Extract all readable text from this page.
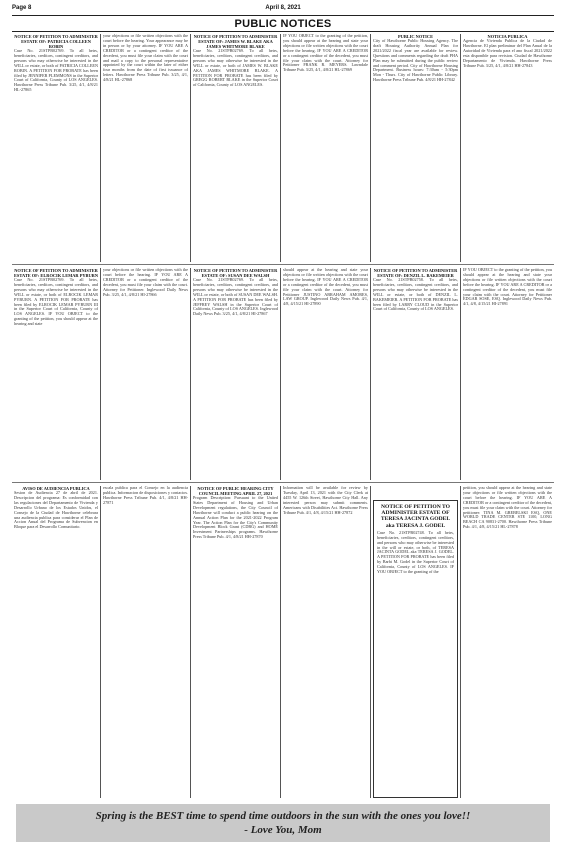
Page 8	April 8, 2021
PUBLIC NOTICES
NOTICE OF PETITION TO ADMINISTER ESTATE OF: PATRICIA COLLEEN ROBIN
Case No. 21STPB02769. To all heirs, beneficiaries, creditors, contingent creditors, and persons who may otherwise be interested in the WILL or estate, or both of PATRICIA COLLEEN ROBIN. A PETITION FOR PROBATE has been filed by JENNIFER PLEMMONS in the Superior Court of California, County of LOS ANGELES. Hawthorne Press Tribune Pub. 3/25, 4/1, 4/8/21 HL-27865
your objections or file written objections with the court before the hearing. Your appearance may be in person or by your attorney. IF YOU ARE A CREDITOR or a contingent creditor of the decedent, you must file your claim with the court and mail a copy to the personal representative appointed by the court within the later of either four months from the date of first issuance of letters. Hawthorne Press Tribune Pub. 3/25, 4/1, 4/8/21 HL-27868
NOTICE OF PETITION TO ADMINISTER ESTATE OF: JAMES W. BLAKE AKA JAMES WHITMORE BLAKE
Case No. 21STPB02769. To all heirs, beneficiaries, creditors, contingent creditors, and persons who may otherwise be interested in the WILL or estate, or both of JAMES W. BLAKE AKA JAMES WHITMORE BLAKE. A PETITION FOR PROBATE has been filed by GREGG ROBERT BLAKE in the Superior Court of California, County of LOS ANGELES.
IF YOU OBJECT to the granting of the petition, you should appear at the hearing and state your objections or file written objections with the court before the hearing. IF YOU ARE A CREDITOR or a contingent creditor of the decedent, you must file your claim with the court. Attorney for Petitioner FRANK R. MEYERS. Lawndale Tribune Pub. 3/25, 4/1, 4/8/21 HL-27869
PUBLIC NOTICE
City of Hawthorne Public Housing Agency. The draft Housing Authority Annual Plan for 2021/2022 fiscal year are available for review. Questions and comments regarding the draft PHA Plan may be submitted during the public review and comment period. City of Hawthorne Housing Department. Business hours: 7:30am - 5:30pm Mon - Thurs. City of Hawthorne Public Library. Hawthorne Press Tribune Pub. 4/8/21 HH-27842
NOTICIA PUBLICA
Agencia de Vivienda Publica de la Ciudad de Hawthorne. El plan preliminar del Plan Anual de la Autoridad de Vivienda para el ano fiscal 2021/2022 esta disponible para revision. Ciudad de Hawthorne Departamento de Vivienda. Hawthorne Press Tribune Pub. 3/25, 4/1, 4/8/21 HH-27843
NOTICE OF PETITION TO ADMINISTER ESTATE OF: ELROCIK LEMAR PYBURN
Case No. 21STPB02769. To all heirs, beneficiaries, creditors, contingent creditors, and persons who may otherwise be interested in the WILL or estate, or both of ELROCIK LEMAR PYBURN. A PETITION FOR PROBATE has been filed by ELROCIK LEMAR PYBURN III in the Superior Court of California, County of LOS ANGELES. IF YOU OBJECT to the granting of the petition, you should appear at the hearing and state
your objections or file written objections with the court before the hearing. IF YOU ARE A CREDITOR or a contingent creditor of the decedent, you must file your claim with the court. Attorney for Petitioner. Inglewood Daily News Pub. 3/25, 4/1, 4/8/21 HI-27866
NOTICE OF PETITION TO ADMINISTER ESTATE OF: SUSAN DEE WALSH
Case No. 21STPB02769. To all heirs, beneficiaries, creditors, contingent creditors, and persons who may otherwise be interested in the WILL or estate, or both of SUSAN DEE WALSH. A PETITION FOR PROBATE has been filed by JEFFREY WALSH in the Superior Court of California, County of LOS ANGELES. Inglewood Daily News Pub. 3/25, 4/1, 4/8/21 HI-27867
should appear at the hearing and state your objections or file written objections with the court before the hearing. IF YOU ARE A CREDITOR or a contingent creditor of the decedent, you must file your claim with the court. Attorney for Petitioner JUSTINO ABRAHAM AMORES, LAW GROUP. Inglewood Daily News Pub. 4/1, 4/8, 4/15/21 HI-27890
NOTICE OF PETITION TO ADMINISTER ESTATE OF: DENZIL L. BAKEMEIER
Case No. 21STPB02758. To all heirs, beneficiaries, creditors, contingent creditors, and persons who may otherwise be interested in the WILL or estate, or both of DENZIL L. BAKEMEIER. A PETITION FOR PROBATE has been filed by LARRY CLOUD in the Superior Court of California, County of LOS ANGELES.
IF YOU OBJECT to the granting of the petition, you should appear at the hearing and state your objections or file written objections with the court before the hearing. IF YOU ARE A CREDITOR or a contingent creditor of the decedent, you must file your claim with the court. Attorney for Petitioner EDGAR SOSE, ESQ. Inglewood Daily News Pub. 4/1, 4/8, 4/15/21 HI-27891
AVISO DE AUDIENCIA PUBLICA
Sesion de Audiencia 27 de abril de 2021. Descripcion del programa: Es conformidad con las regulaciones del Departamento de Vivienda y Desarrollo Urbano de los Estados Unidos, el Consejo de la Ciudad de Hawthorne celebrara una audiencia publica para considerar el Plan de Accion Anual del Programa de Subvencion en Bloque para el Desarrollo Comunitario.
escala publica para el Consejo en la audiencia publica. Informacion de disposiciones y contactos. Hawthorne Press Tribune Pub. 4/1, 4/8/21 HH-27871
NOTICE OF PUBLIC HEARING CITY COUNCIL MEETING APRIL 27, 2021
Program Description: Pursuant to the United States Department of Housing and Urban Development regulations, the City Council of Hawthorne will conduct a public hearing on the Annual Action Plan for the 2021-2022 Program Year. The Action Plan for the City's Community Development Block Grant (CDBG) and HOME Investment Partnerships programs. Hawthorne Press Tribune Pub. 4/1, 4/8/21 HH-27870
Information will be available for review by Tuesday, April 13, 2021 with the City Clerk at 4455 W. 126th Street, Hawthorne City Hall. Any interested person may submit comments. Americans with Disabilities Act. Hawthorne Press Tribune Pub. 4/1, 4/8, 4/15/21 HH-27872
NOTICE OF PETITION TO ADMINISTER ESTATE OF TERESA JACINTA GODEL aka TERESA J. GODEL
Case No. 21STPB02748. To all heirs, beneficiaries, creditors, contingent creditors, and persons who may otherwise be interested in the will or estate, or both, of TERESA JACINTA GODEL aka TERESA J. GODEL. A PETITION FOR PROBATE has been filed by Barbi M. Godel in the Superior Court of California, County of LOS ANGELES. IF YOU OBJECT to the granting of the
petition, you should appear at the hearing and state your objections or file written objections with the court before the hearing. IF YOU ARE A CREDITOR or a contingent creditor of the decedent, you must file your claim with the court. Attorney for petitioner: TINA M. GREBELSKI ESQ, ONE WORLD TRADE CENTER STE 1100, LONG BEACH CA 90831-2700. Hawthorne Press Tribune Pub. 4/1, 4/8, 4/15/21 HL-27878
Spring is the BEST time to spend time outdoors in the sun with the ones you love!!
- Love You, Mom
